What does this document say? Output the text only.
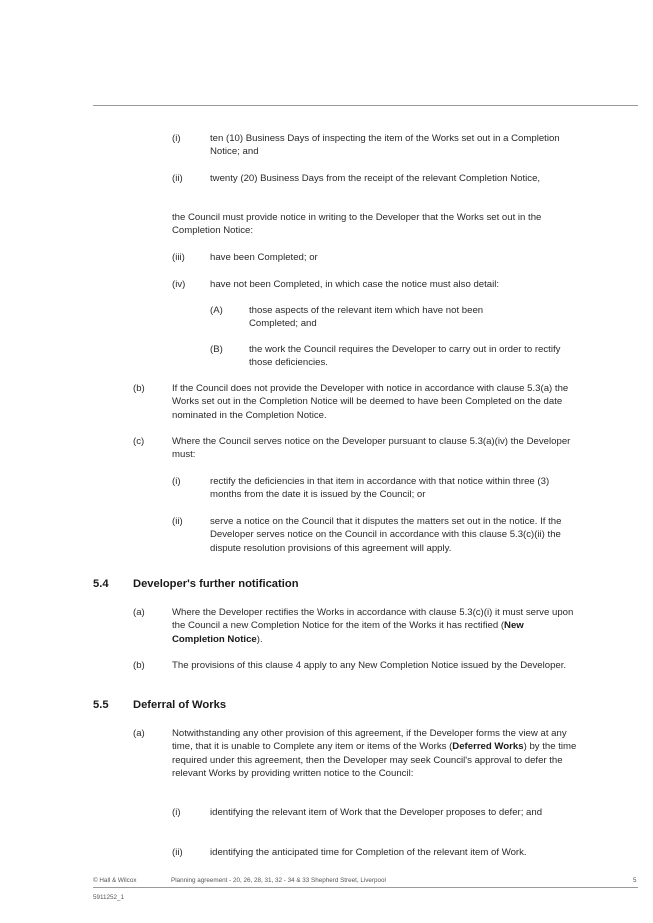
(i)	ten (10) Business Days of inspecting the item of the Works set out in a Completion Notice; and
(ii)	twenty (20) Business Days from the receipt of the relevant Completion Notice,
the Council must provide notice in writing to the Developer that the Works set out in the Completion Notice:
(iii)	have been Completed; or
(iv)	have not been Completed, in which case the notice must also detail:
(A)	those aspects of the relevant item which have not been Completed; and
(B)	the work the Council requires the Developer to carry out in order to rectify those deficiencies.
(b)	If the Council does not provide the Developer with notice in accordance with clause 5.3(a) the Works set out in the Completion Notice will be deemed to have been Completed on the date nominated in the Completion Notice.
(c)	Where the Council serves notice on the Developer pursuant to clause 5.3(a)(iv) the Developer must:
(i)	rectify the deficiencies in that item in accordance with that notice within three (3) months from the date it is issued by the Council; or
(ii)	serve a notice on the Council that it disputes the matters set out in the notice. If the Developer serves notice on the Council in accordance with this clause 5.3(c)(ii) the dispute resolution provisions of this agreement will apply.
5.4 Developer's further notification
(a)	Where the Developer rectifies the Works in accordance with clause 5.3(c)(i) it must serve upon the Council a new Completion Notice for the item of the Works it has rectified (New Completion Notice).
(b)	The provisions of this clause 4 apply to any New Completion Notice issued by the Developer.
5.5 Deferral of Works
(a)	Notwithstanding any other provision of this agreement, if the Developer forms the view at any time, that it is unable to Complete any item or items of the Works (Deferred Works) by the time required under this agreement, then the Developer may seek Council's approval to defer the relevant Works by providing written notice to the Council:
(i)	identifying the relevant item of Work that the Developer proposes to defer; and
(ii)	identifying the anticipated time for Completion of the relevant item of Work.
© Hall & Wilcox	Planning agreement - 20, 26, 28, 31, 32 - 34 & 33 Shepherd Street, Liverpool	5
5911252_1
